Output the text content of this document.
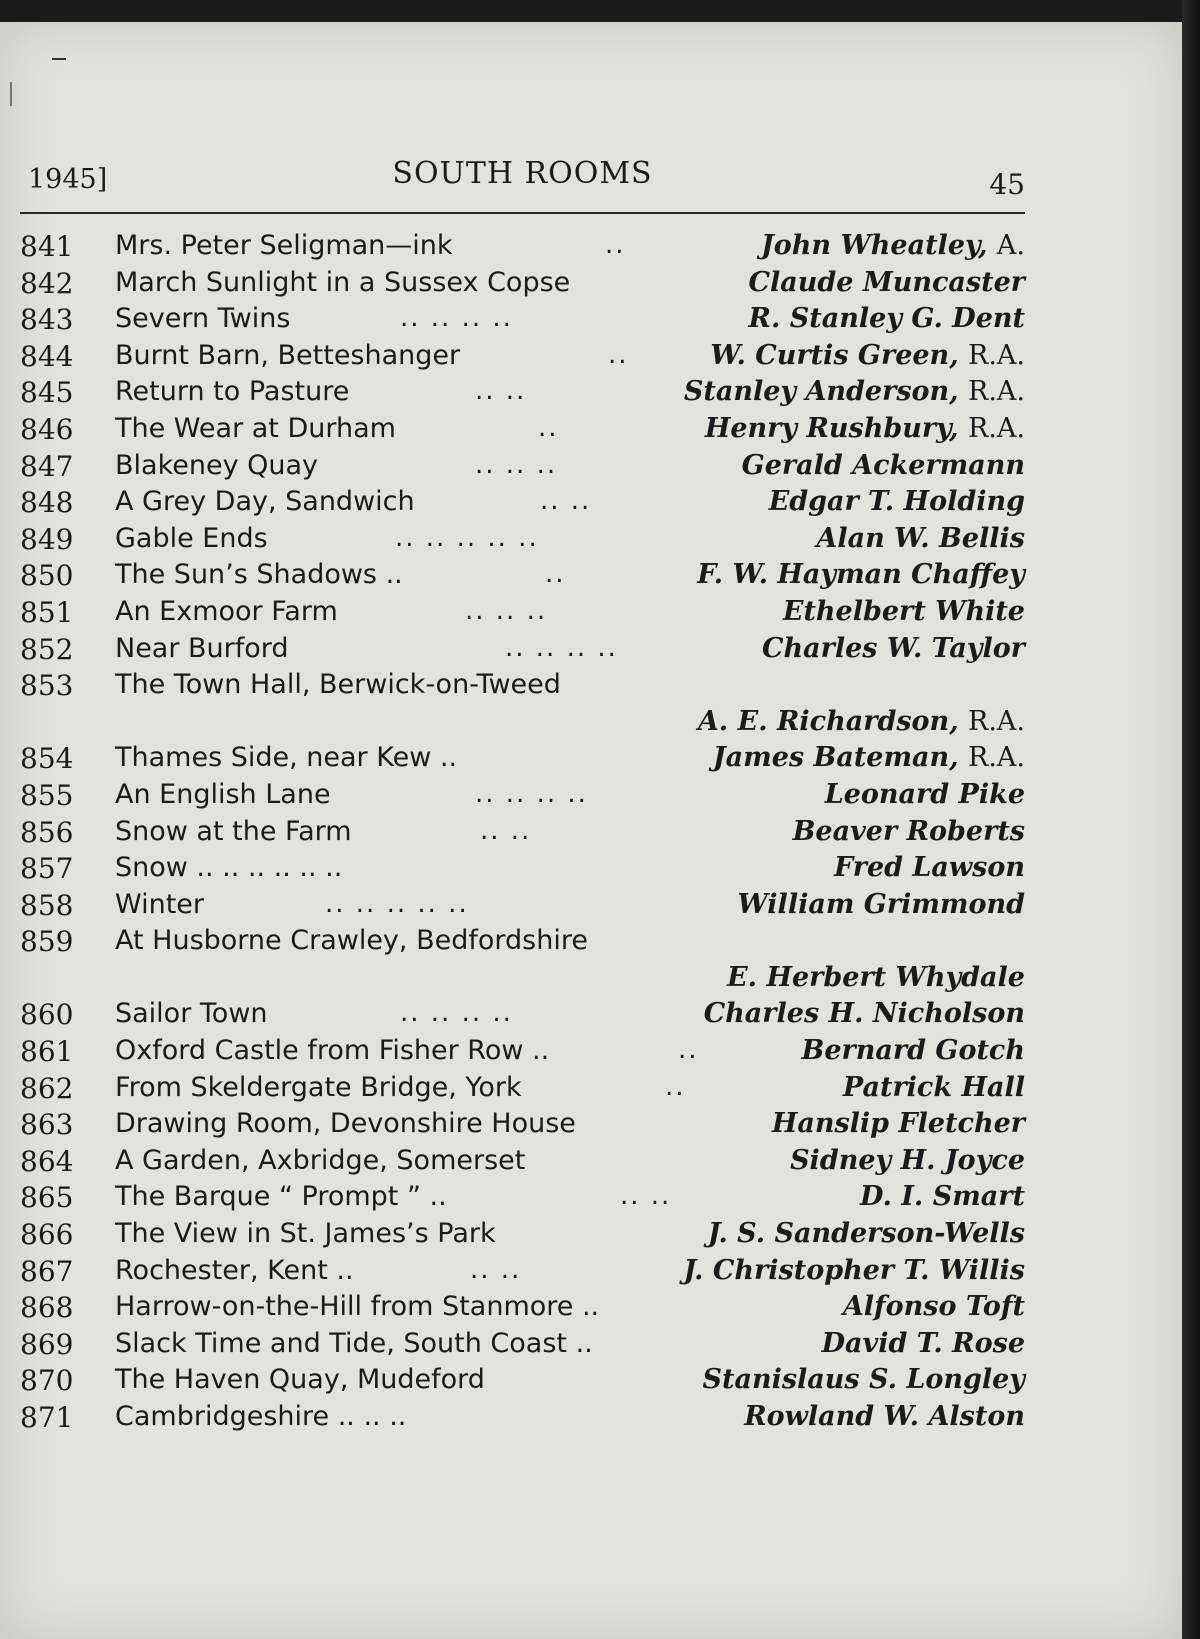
1945]	SOUTH ROOMS	45
841	Mrs. Peter Seligman—ink	..	John Wheatley, A.
842	March Sunlight in a Sussex Copse	Claude Muncaster
843	Severn Twins	.. .. .. ..	R. Stanley G. Dent
844	Burnt Barn, Betteshanger	..	W. Curtis Green, R.A.
845	Return to Pasture	.. ..	Stanley Anderson, R.A.
846	The Wear at Durham	..	Henry Rushbury, R.A.
847	Blakeney Quay	.. .. ..	Gerald Ackermann
848	A Grey Day, Sandwich	.. ..	Edgar T. Holding
849	Gable Ends	.. .. .. .. ..	Alan W. Bellis
850	The Sun’s Shadows ..	..	F. W. Hayman Chaffey
851	An Exmoor Farm	.. .. ..	Ethelbert White
852	Near Burford	.. .. .. ..	Charles W. Taylor
853	The Town Hall, Berwick-on-Tweed
A. E. Richardson, R.A.
854	Thames Side, near Kew ..	James Bateman, R.A.
855	An English Lane	.. .. .. ..	Leonard Pike
856	Snow at the Farm	.. ..	Beaver Roberts
857	Snow .. .. .. .. .. ..	Fred Lawson
858	Winter	.. .. .. .. ..	William Grimmond
859	At Husborne Crawley, Bedfordshire
E. Herbert Whydale
860	Sailor Town	.. .. .. ..	Charles H. Nicholson
861	Oxford Castle from Fisher Row ..	..	Bernard Gotch
862	From Skeldergate Bridge, York	..	Patrick Hall
863	Drawing Room, Devonshire House	Hanslip Fletcher
864	A Garden, Axbridge, Somerset	Sidney H. Joyce
865	The Barque “ Prompt ” ..	.. ..	D. I. Smart
866	The View in St. James’s Park	J. S. Sanderson-Wells
867	Rochester, Kent ..	.. ..	J. Christopher T. Willis
868	Harrow-on-the-Hill from Stanmore ..	Alfonso Toft
869	Slack Time and Tide, South Coast ..	David T. Rose
870	The Haven Quay, Mudeford	Stanislaus S. Longley
871	Cambridgeshire .. .. ..	Rowland W. Alston
